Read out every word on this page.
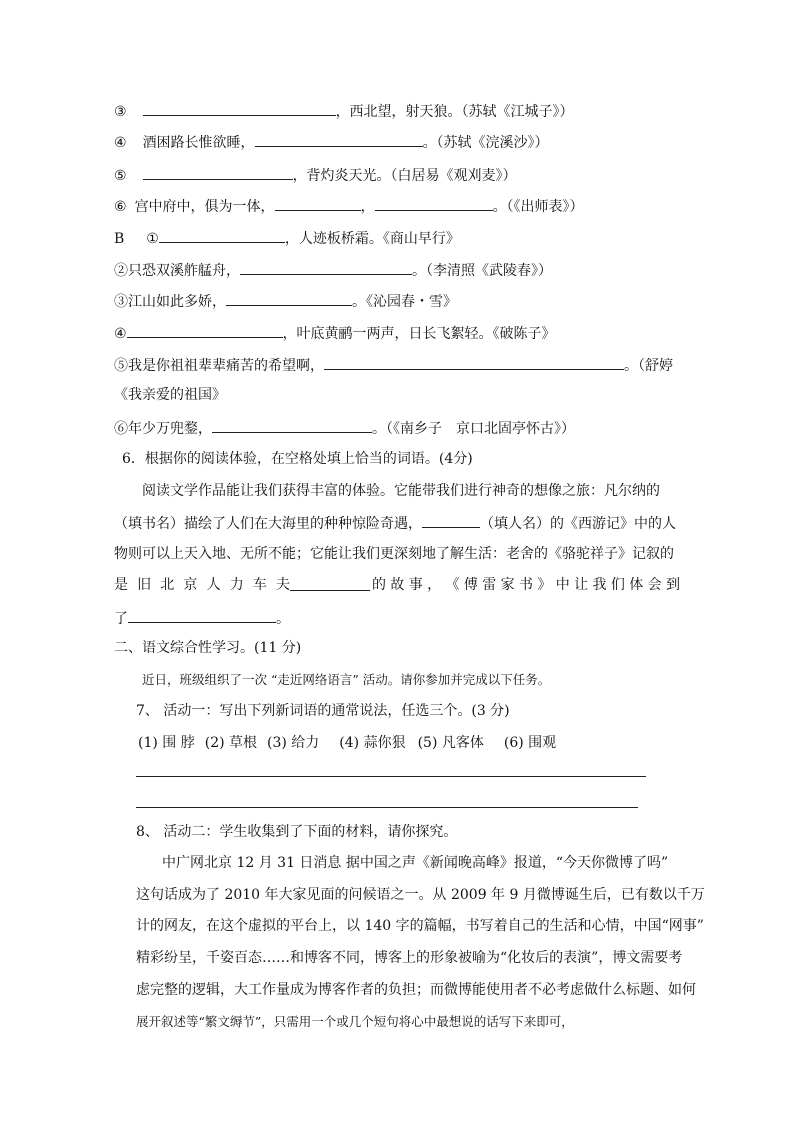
③	，西北望，射天狼。（苏轼《江城子》）
④ 酒困路长惟欲睡，	。（苏轼《浣溪沙》）
⑤	，背灼炎天光。（白居易《观刈麦》）
⑥ 宫中府中，俱为一体，	，	。（《出师表》）
B ①	，人迹板桥霜。《商山早行》
②只恐双溪舴艋舟，	。（李清照《武陵春》）
③江山如此多娇，	。《沁园春・雪》
④	，叶底黄鹂一两声，日长飞絮轻。《破陈子》
⑤我是你祖祖辈辈痛苦的希望啊，	。（舒婷
《我亲爱的祖国》
⑥年少万兜鍪，	。（《南乡子　京口北固亭怀古》）
6．根据你的阅读体验，在空格处填上恰当的词语。(4分)
阅读文学作品能让我们获得丰富的体验。它能带我们进行神奇的想像之旅：凡尔纳的
（填书名）描绘了人们在大海里的种种惊险奇遇，	（填人名）的《西游记》中的人
物则可以上天入地、无所不能；它能让我们更深刻地了解生活：老舍的《骆驼祥子》记叙的
是 旧 北 京 人 力 车 夫	的 故 事 ， 《 傅 雷 家 书 》 中 让 我 们 体 会 到
了	。
二、语文综合性学习。(11 分)
近日，班级组织了一次 “走近网络语言” 活动。请你参加并完成以下任务。
7、 活动一：写出下列新词语的通常说法，任选三个。(3 分)
(1) 围 脖 (2) 草根 (3) 给力 (4) 蒜你狠 (5) 凡客体 (6) 围观
8、 活动二：学生收集到了下面的材料，请你探究。
中广网北京 12 月 31 日消息 据中国之声《新闻晚高峰》报道，“今天你微博了吗”
这句话成为了 2010 年大家见面的问候语之一。从 2009 年 9 月微博诞生后，已有数以千万
计的网友，在这个虚拟的平台上，以 140 字的篇幅，书写着自己的生活和心情，中国“网事”
精彩纷呈，千姿百态……和博客不同，博客上的形象被喻为“化妆后的表演”，博文需要考
虑完整的逻辑，大工作量成为博客作者的负担；而微博能使用者不必考虑做什么标题、如何
展开叙述等“繁文缛节”，只需用一个或几个短句将心中最想说的话写下来即可，
